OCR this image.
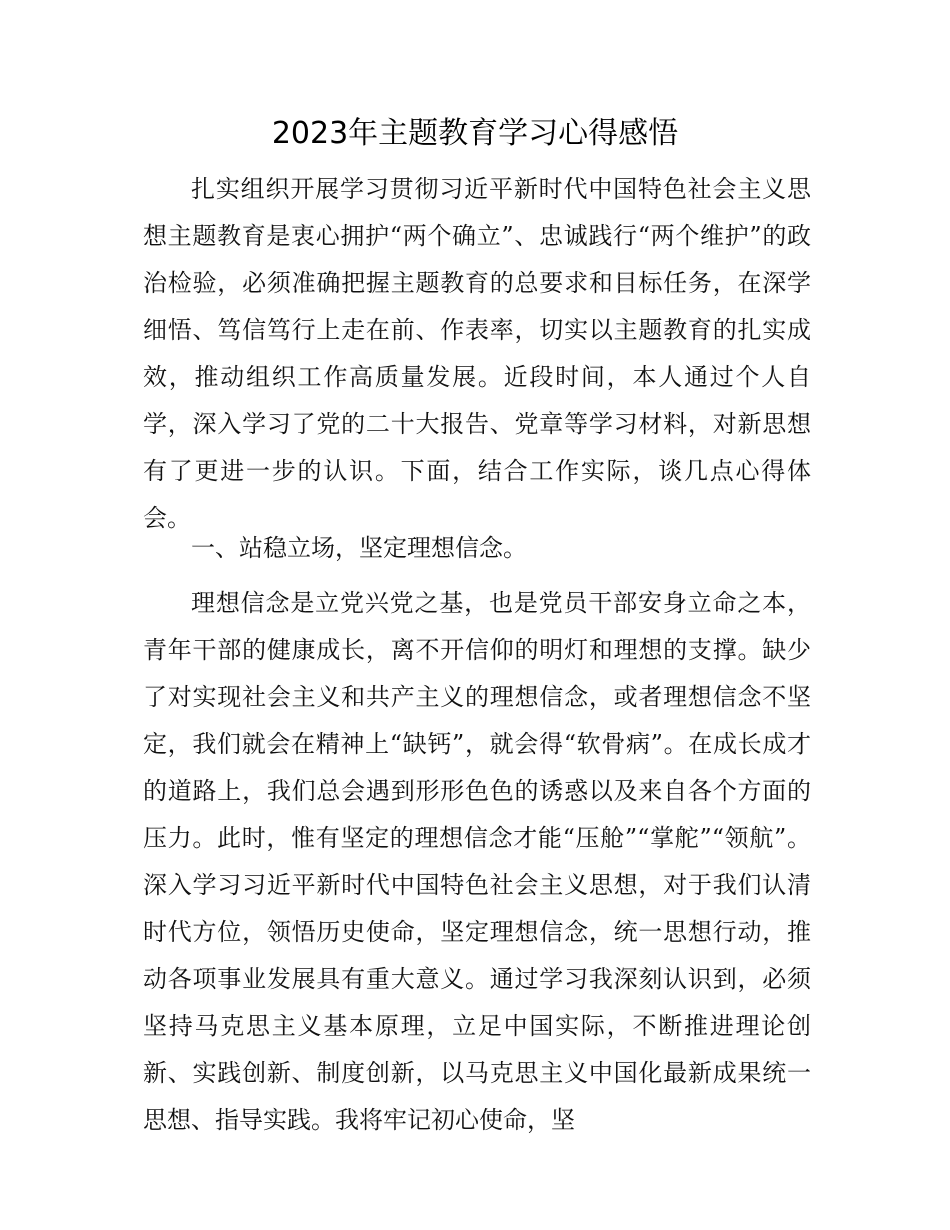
2023年主题教育学习心得感悟

扎实组织开展学习贯彻习近平新时代中国特色社会主义思想主题教育是衷心拥护“两个确立”、忠诚践行“两个维护”的政治检验，必须准确把握主题教育的总要求和目标任务，在深学细悟、笃信笃行上走在前、作表率，切实以主题教育的扎实成效，推动组织工作高质量发展。近段时间，本人通过个人自学，深入学习了党的二十大报告、党章等学习材料，对新思想有了更进一步的认识。下面，结合工作实际，谈几点心得体会。

一、站稳立场，坚定理想信念。

理想信念是立党兴党之基，也是党员干部安身立命之本，青年干部的健康成长，离不开信仰的明灯和理想的支撑。缺少了对实现社会主义和共产主义的理想信念，或者理想信念不坚定，我们就会在精神上“缺钙”，就会得“软骨病”。在成长成才的道路上，我们总会遇到形形色色的诱惑以及来自各个方面的压力。此时，惟有坚定的理想信念才能“压舱”“掌舵”“领航”。深入学习习近平新时代中国特色社会主义思想，对于我们认清时代方位，领悟历史使命，坚定理想信念，统一思想行动，推动各项事业发展具有重大意义。通过学习我深刻认识到，必须坚持马克思主义基本原理，立足中国实际，不断推进理论创新、实践创新、制度创新，以马克思主义中国化最新成果统一思想、指导实践。我将牢记初心使命，坚
